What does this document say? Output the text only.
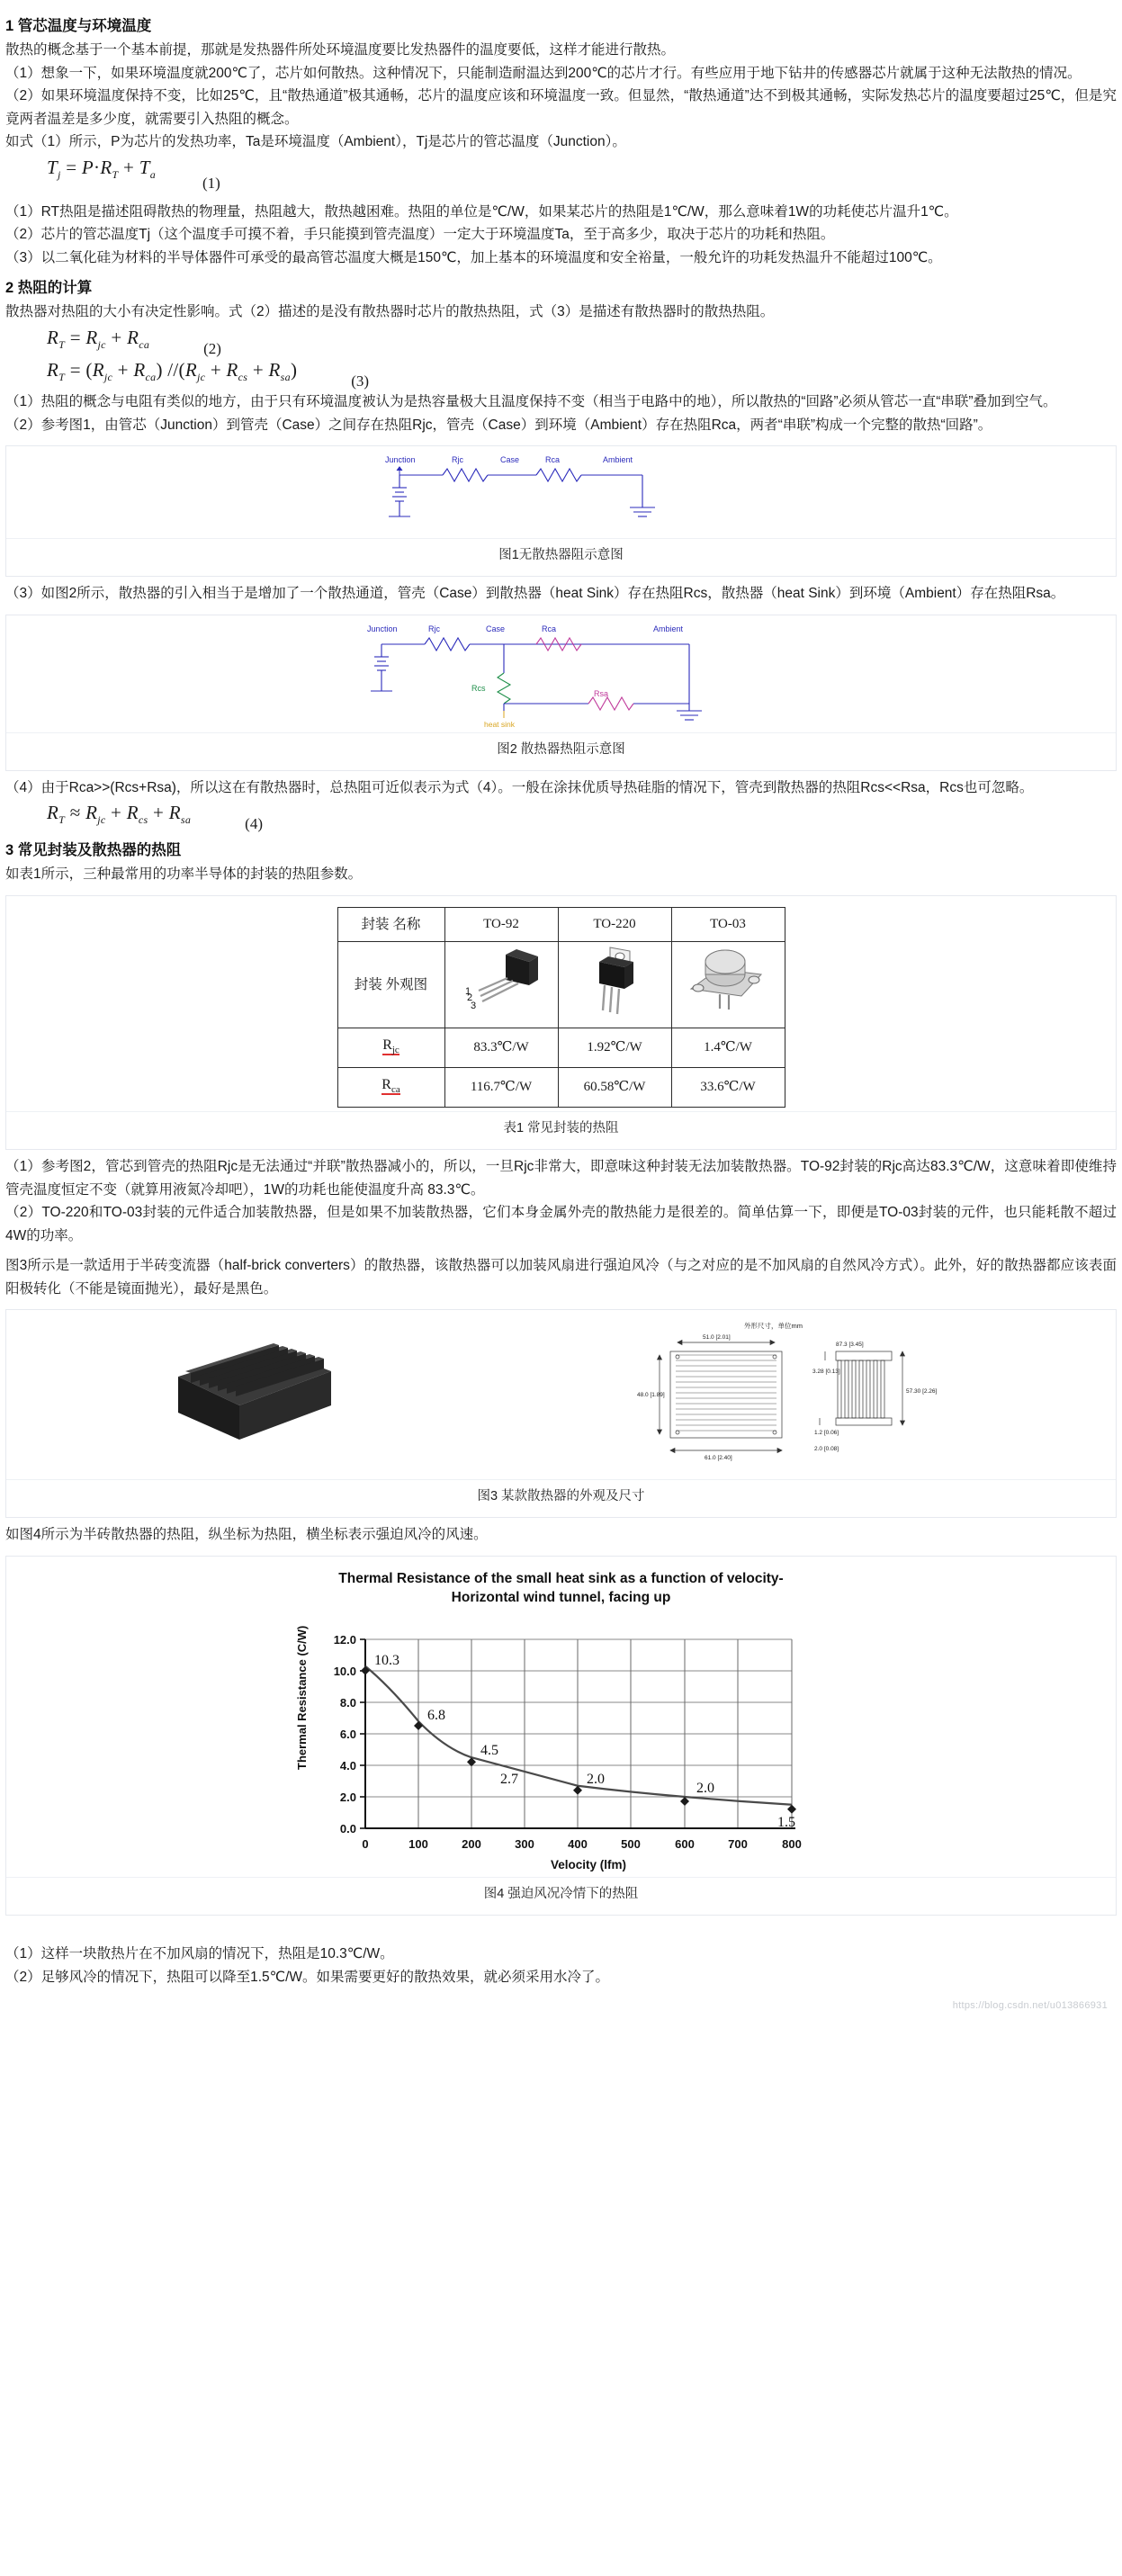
1 管芯温度与环境温度

散热的概念基于一个基本前提，那就是发热器件所处环境温度要比发热器件的温度要低，这样才能进行散热。

（1）想象一下，如果环境温度就200℃了，芯片如何散热。这种情况下，只能制造耐温达到200℃的芯片才行。有些应用于地下钻井的传感器芯片就属于这种无法散热的情况。

（2）如果环境温度保持不变，比如25℃，且“散热通道”极其通畅，芯片的温度应该和环境温度一致。但显然，“散热通道”达不到极其通畅，实际发热芯片的温度要超过25℃，但是究竟两者温差是多少度，就需要引入热阻的概念。

如式（1）所示，P为芯片的发热功率，Ta是环境温度（Ambient），Tj是芯片的管芯温度（Junction）。

$T_j = P\cdot R_T + T_a$	(1)

（1）RT热阻是描述阻碍散热的物理量，热阻越大，散热越困难。热阻的单位是℃/W，如果某芯片的热阻是1℃/W，那么意味着1W的功耗使芯片温升1℃。

（2）芯片的管芯温度Tj（这个温度手可摸不着，手只能摸到管壳温度）一定大于环境温度Ta，至于高多少，取决于芯片的功耗和热阻。

（3）以二氧化硅为材料的半导体器件可承受的最高管芯温度大概是150℃，加上基本的环境温度和安全裕量，一般允许的功耗发热温升不能超过100℃。

2 热阻的计算

散热器对热阻的大小有决定性影响。式（2）描述的是没有散热器时芯片的散热热阻，式（3）是描述有散热器时的散热热阻。

$R_T = R_{jc} + R_{ca}$	(2)
$R_T = (R_{jc} + R_{ca}) //(R_{jc} + R_{cs} + R_{sa})$
(3)

（1）热阻的概念与电阻有类似的地方，由于只有环境温度被认为是热容量极大且温度保持不变（相当于电路中的地），所以散热的“回路”必须从管芯一直“串联”叠加到空气。

（2）参考图1，由管芯（Junction）到管壳（Case）之间存在热阻Rjc，管壳（Case）到环境（Ambient）存在热阻Rca，两者“串联”构成一个完整的散热“回路”。

Junction	Rjc	Case	Rca	Ambient
图1无散热器阻示意图

（3）如图2所示，散热器的引入相当于是增加了一个散热通道，管壳（Case）到散热器（heat Sink）存在热阻Rcs，散热器（heat Sink）到环境（Ambient）存在热阻Rsa。

Junction	Rjc	Case	Rca	Ambient
Rcs
Rsa
heat sink
图2 散热器热阻示意图

（4）由于Rca>>(Rcs+Rsa)，所以这在有散热器时，总热阻可近似表示为式（4）。一般在涂抹优质导热硅脂的情况下，管壳到散热器的热阻Rcs<<Rsa，Rcs也可忽略。

$R_T \approx R_{jc} + R_{cs} + R_{sa}$	(4)
3 常见封装及散热器的热阻

如表1所示，三种最常用的功率半导体的封装的热阻参数。

封装 名称	TO-92	TO-220	TO-03
封装 外观图	1
2
3

$R_{jc}$	83.3℃/W	1.92℃/W	1.4℃/W
$R_{ca}$	116.7℃/W	60.58℃/W	33.6℃/W
表1 常见封装的热阻

（1）参考图2，管芯到管壳的热阻Rjc是无法通过“并联”散热器减小的，所以，一旦Rjc非常大，即意味这种封装无法加装散热器。TO-92封装的Rjc高达83.3℃/W，这意味着即使维持管壳温度恒定不变（就算用液氮冷却吧），1W的功耗也能使温度升高 83.3℃。

（2）TO-220和TO-03封装的元件适合加装散热器，但是如果不加装散热器，它们本身金属外壳的散热能力是很差的。简单估算一下，即便是TO-03封装的元件，也只能耗散不超过4W的功率。

图3所示是一款适用于半砖变流器（half-brick converters）的散热器，该散热器可以加装风扇进行强迫风冷（与之对应的是不加风扇的自然风冷方式）。此外，好的散热器都应该表面阳极转化（不能是镜面抛光），最好是黑色。

外形尺寸，单位mm
51.0 [2.01]
48.0 [1.89]
61.0 [2.40]
87.3 [3.45]
3.28 [0.13]
57.30 [2.26]
1.2 [0.06]
2.0 [0.08]
图3 某款散热器的外观及尺寸

如图4所示为半砖散热器的热阻，纵坐标为热阻，横坐标表示强迫风冷的风速。

Thermal Resistance of the small heat sink as a function of velocity-
Horizontal wind tunnel, facing up
Thermal Resistance (C/W) 12.0
10.0
8.0
6.0
4.0
2.0
0.0
0	100	200	300	400	500	600	700	800
10.3
6.8
4.5
2.0
2.7
2.0
1.5
Velocity (lfm)
图4 强迫风况冷情下的热阻

（1）这样一块散热片在不加风扇的情况下，热阻是10.3℃/W。

（2）足够风冷的情况下，热阻可以降至1.5℃/W。如果需要更好的散热效果，就必须采用水冷了。

https://blog.csdn.net/u013866931
